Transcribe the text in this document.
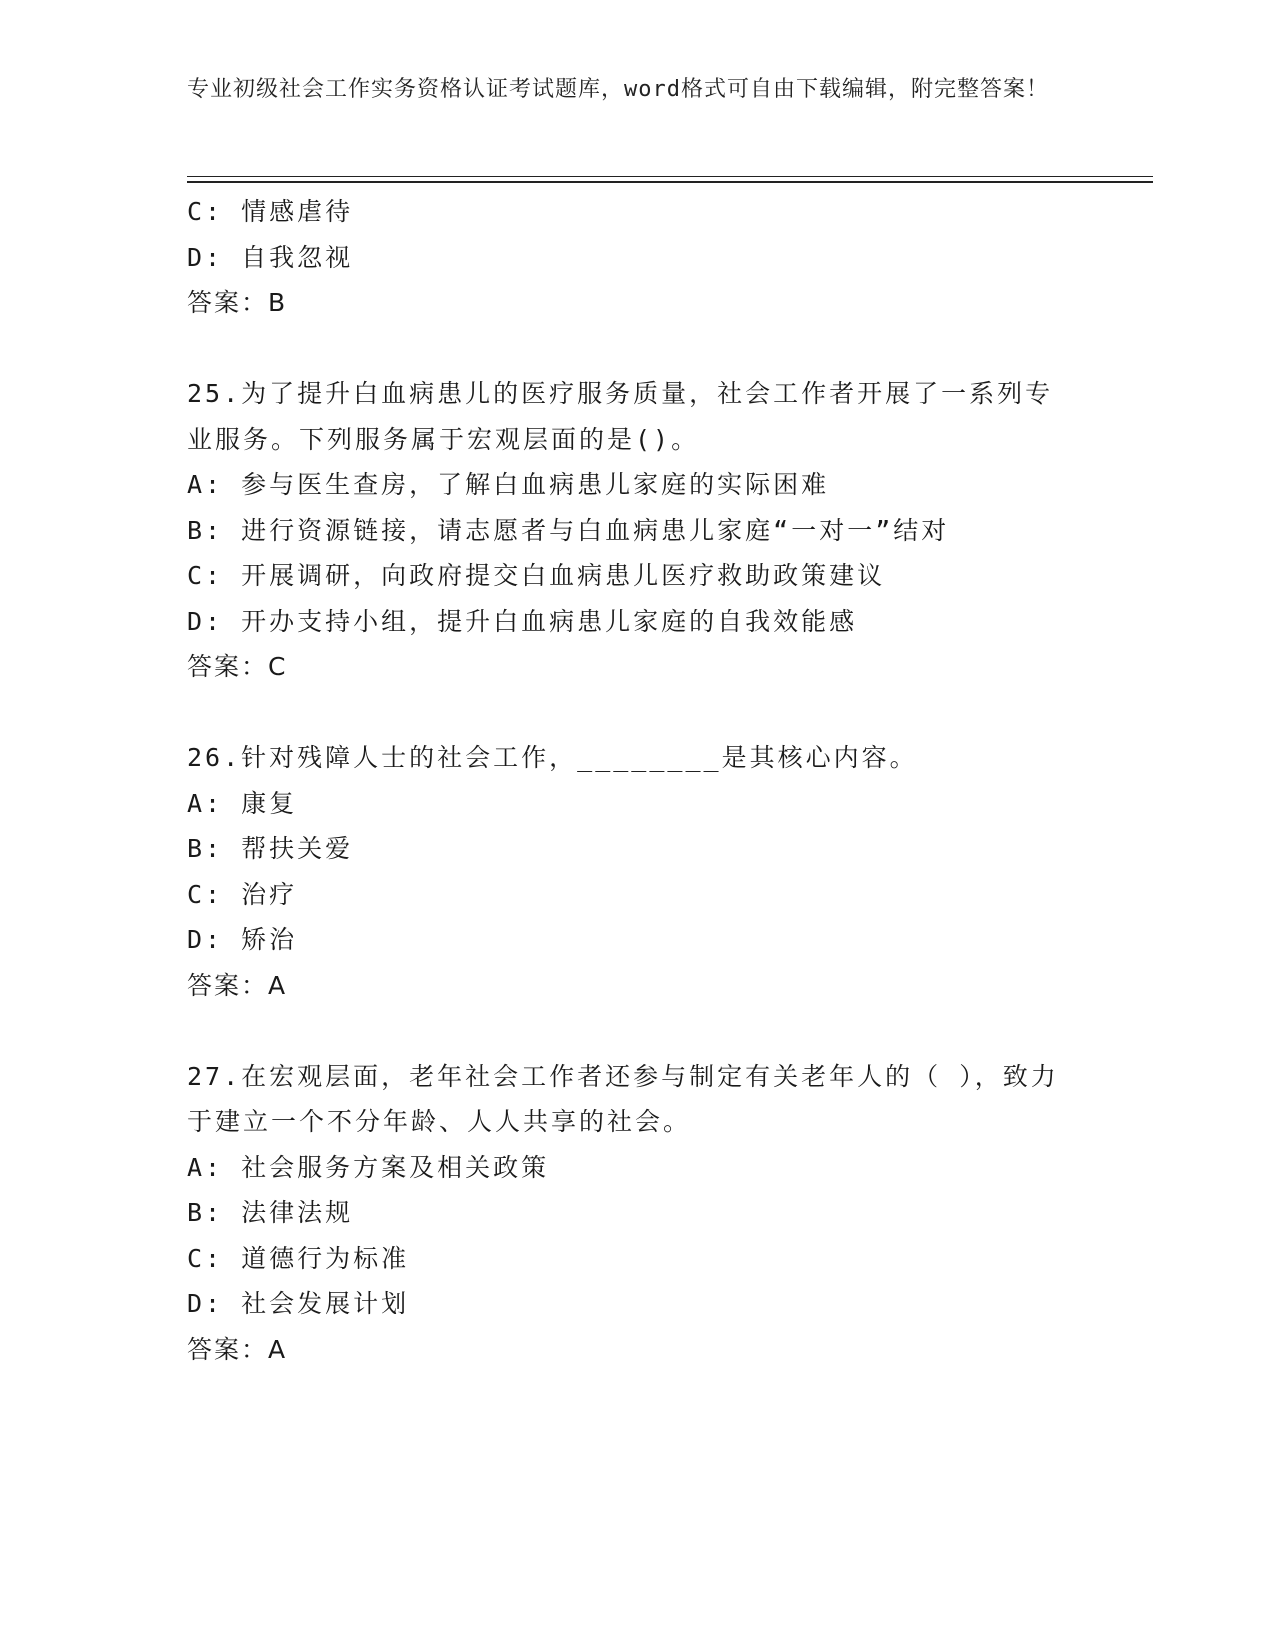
专业初级社会工作实务资格认证考试题库，word格式可自由下载编辑，附完整答案！
C: 情感虐待
D: 自我忽视
答案：B
25.为了提升白血病患儿的医疗服务质量，社会工作者开展了一系列专业服务。下列服务属于宏观层面的是()。
A: 参与医生查房，了解白血病患儿家庭的实际困难
B: 进行资源链接，请志愿者与白血病患儿家庭“一对一”结对
C: 开展调研，向政府提交白血病患儿医疗救助政策建议
D: 开办支持小组，提升白血病患儿家庭的自我效能感
答案：C
26.针对残障人士的社会工作，________是其核心内容。
A: 康复
B: 帮扶关爱
C: 治疗
D: 矫治
答案：A
27.在宏观层面，老年社会工作者还参与制定有关老年人的（ ），致力于建立一个不分年龄、人人共享的社会。
A: 社会服务方案及相关政策
B: 法律法规
C: 道德行为标准
D: 社会发展计划
答案：A
